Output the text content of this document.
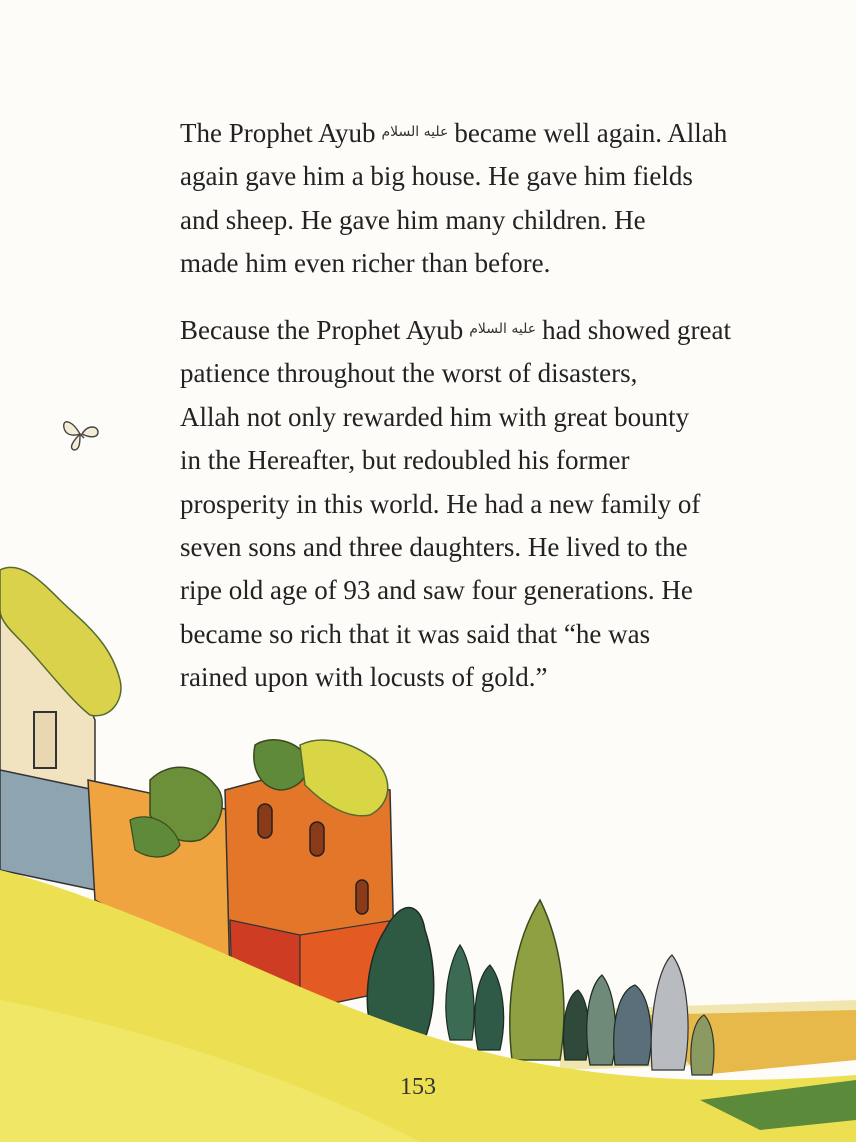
The Prophet Ayub عليه السلام became well again. Allah
again gave him a big house. He gave him fields
and sheep. He gave him many children. He
made him even richer than before.
Because the Prophet Ayub عليه السلام had showed great
patience throughout the worst of disasters,
Allah not only rewarded him with great bounty
in the Hereafter, but redoubled his former
prosperity in this world. He had a new family of
seven sons and three daughters. He lived to the
ripe old age of 93 and saw four generations. He
became so rich that it was said that “he was
rained upon with locusts of gold.”
153
